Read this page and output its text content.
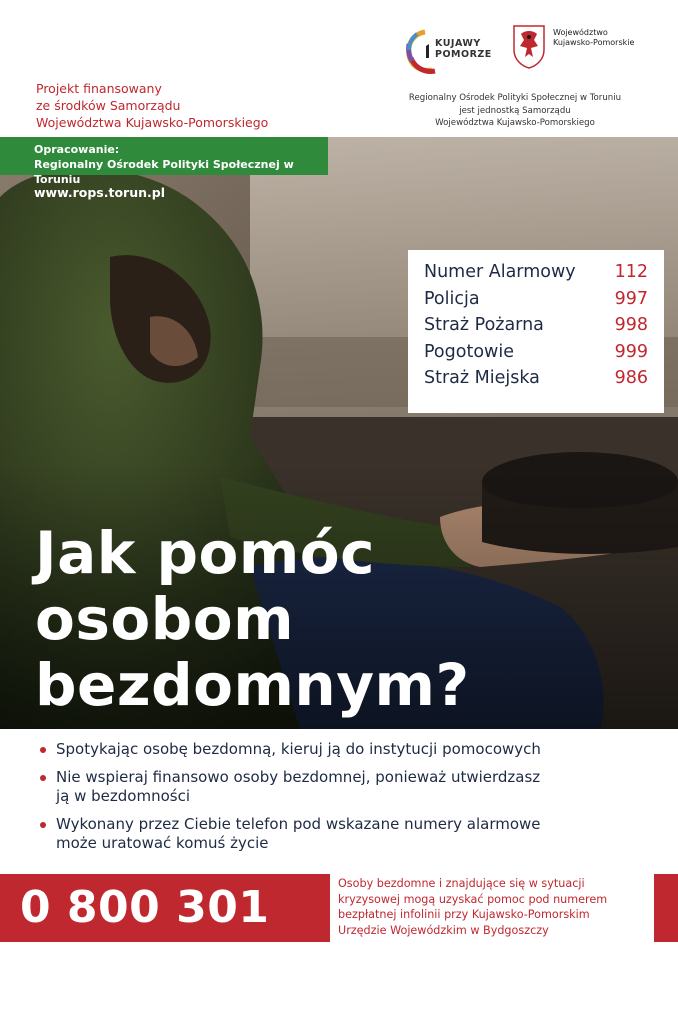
Projekt finansowany
ze środków Samorządu
Województwa Kujawsko-Pomorskiego
KUJAWY
POMORZE
Województwo
Kujawsko-Pomorskie
Regionalny Ośrodek Polityki Społecznej w Toruniu
jest jednostką Samorządu
Województwa Kujawsko-Pomorskiego
Opracowanie:
Regionalny Ośrodek Polityki Społecznej w Toruniu
www.rops.torun.pl
Numer Alarmowy 112
Policja	997
Straż Pożarna	998
Pogotowie	999
Straż Miejska	986
Jak pomóc
osobom
bezdomnym?
Spotykając osobę bezdomną, kieruj ją do instytucji pomocowych
Nie wspieraj finansowo osoby bezdomnej, ponieważ utwierdzasz
ją w bezdomności
Wykonany przez Ciebie telefon pod wskazane numery alarmowe
może uratować komuś życie
0 800 301 630
Osoby bezdomne i znajdujące się w sytuacji
kryzysowej mogą uzyskać pomoc pod numerem
bezpłatnej infolinii przy Kujawsko-Pomorskim
Urzędzie Wojewódzkim w Bydgoszczy
